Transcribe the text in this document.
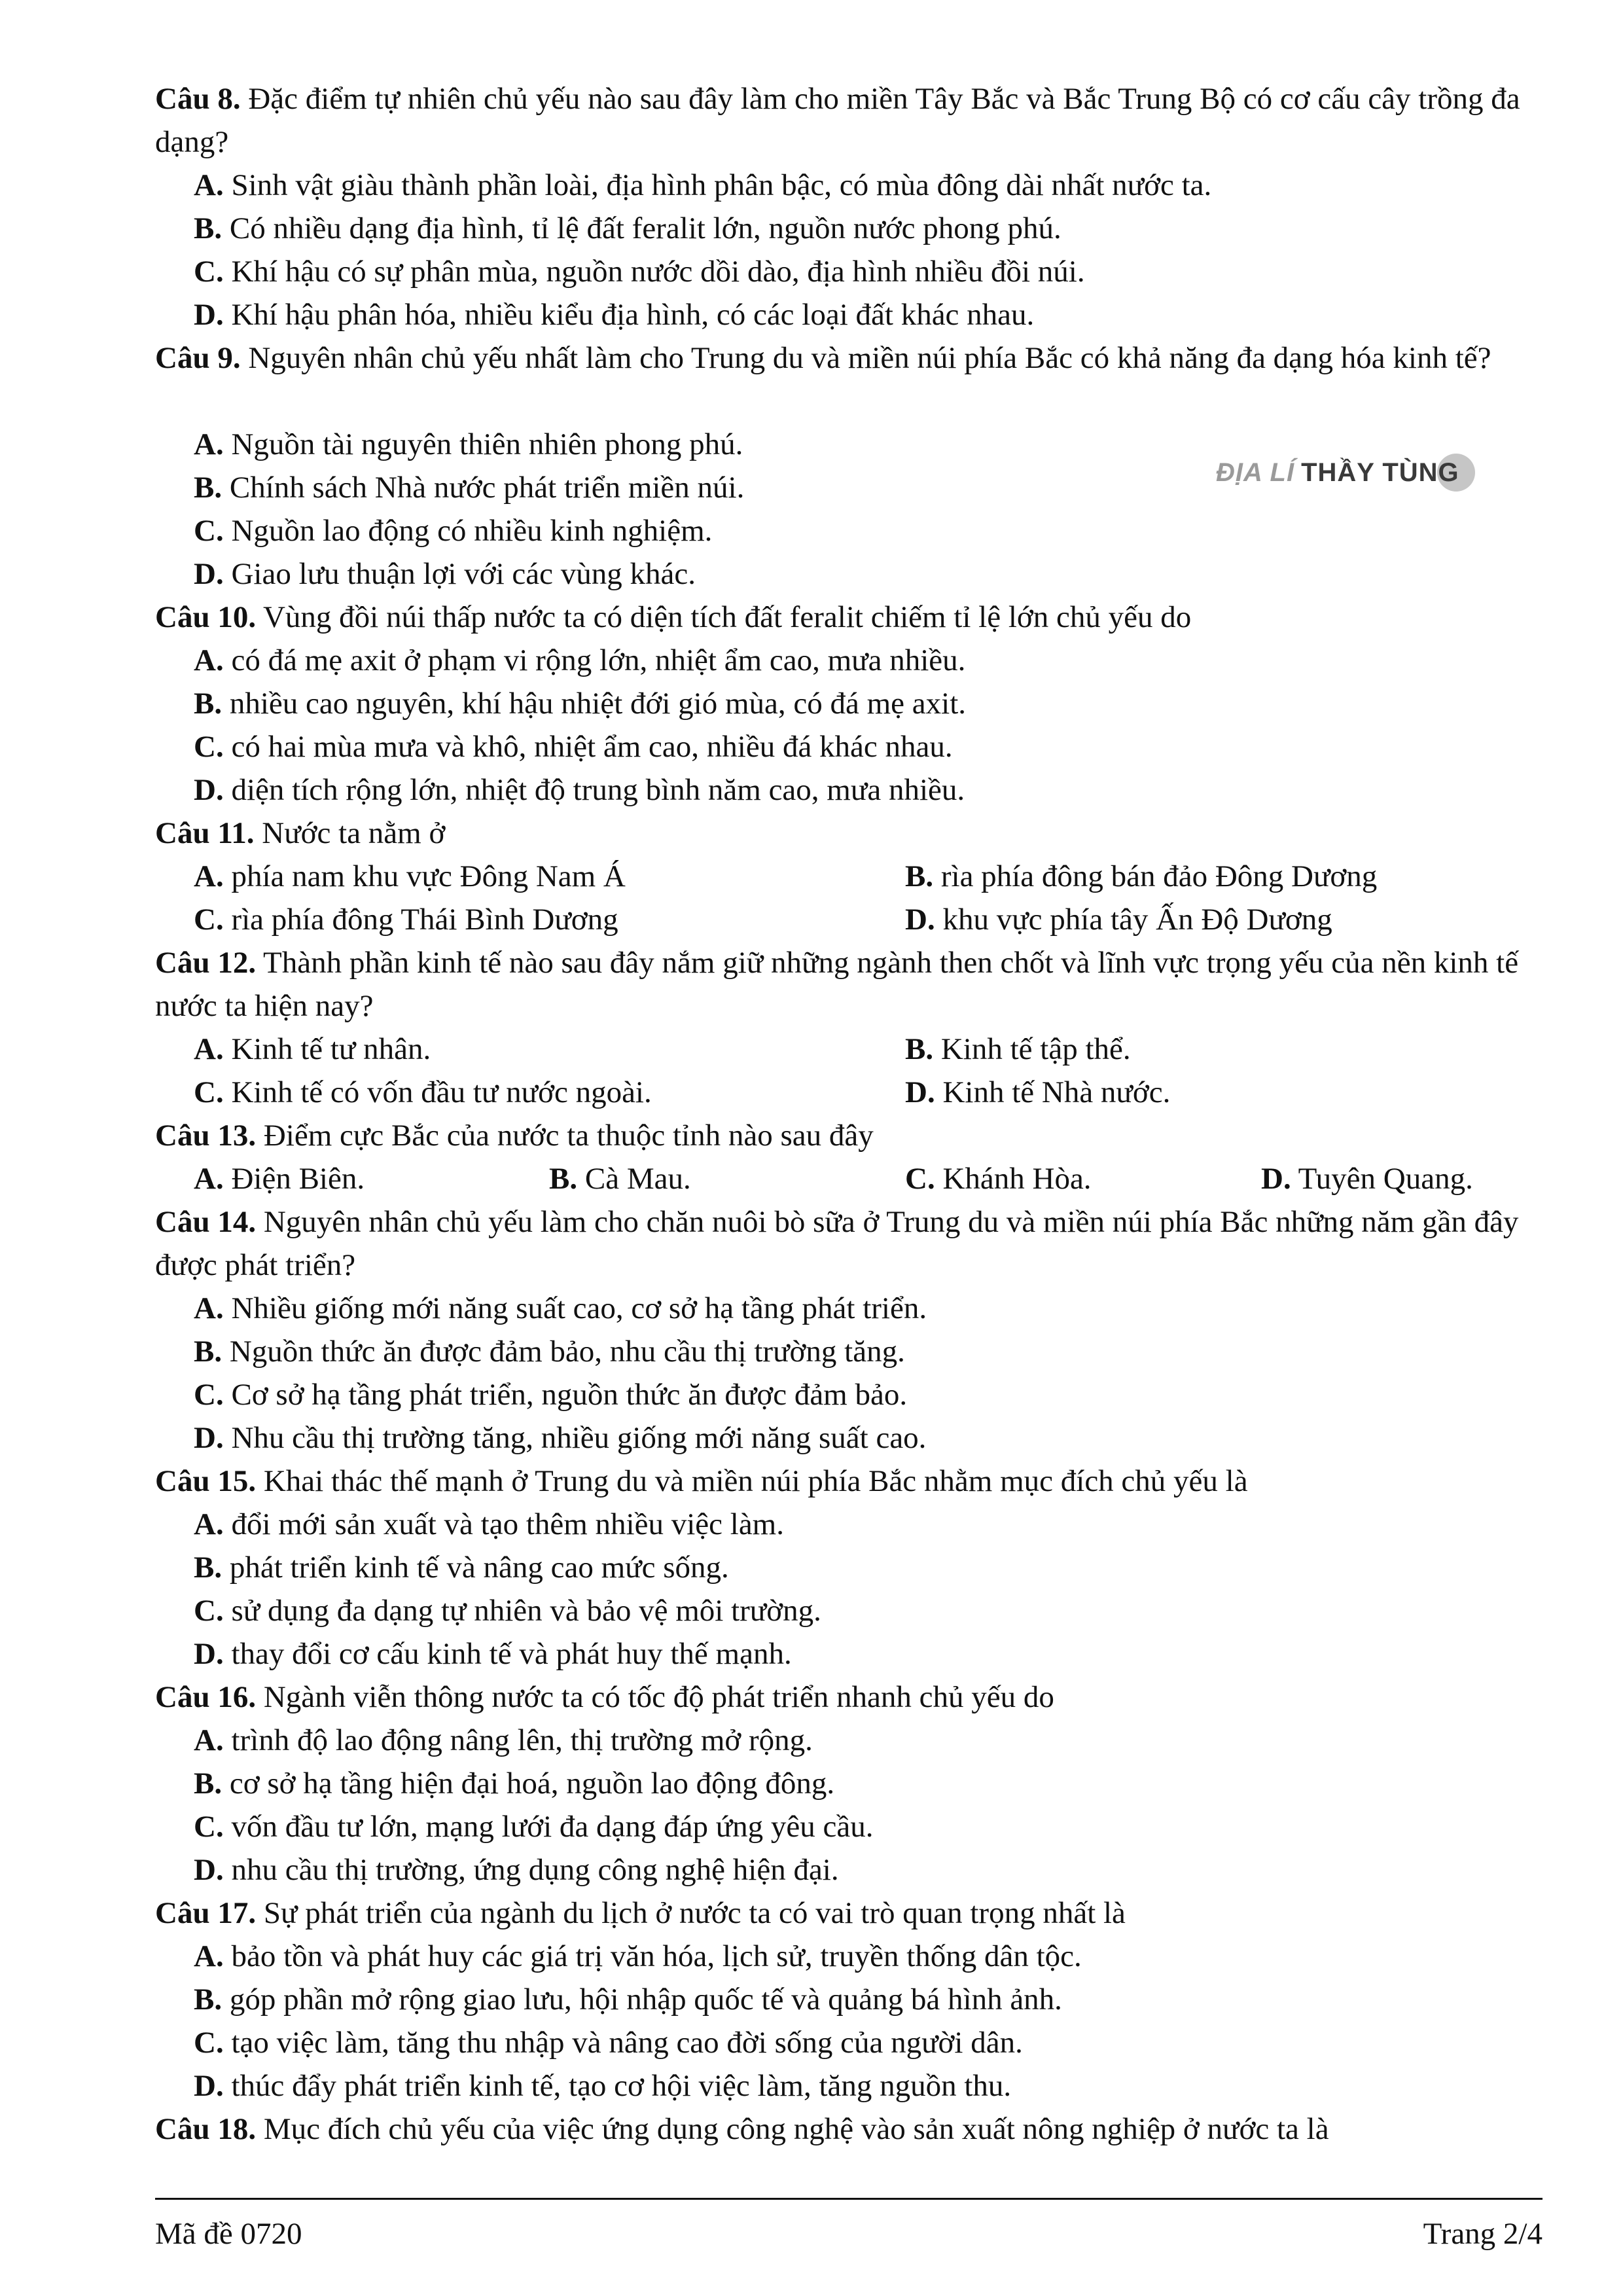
Câu 8. Đặc điểm tự nhiên chủ yếu nào sau đây làm cho miền Tây Bắc và Bắc Trung Bộ có cơ cấu cây trồng đa dạng?

A. Sinh vật giàu thành phần loài, địa hình phân bậc, có mùa đông dài nhất nước ta.
B. Có nhiều dạng địa hình, tỉ lệ đất feralit lớn, nguồn nước phong phú.
C. Khí hậu có sự phân mùa, nguồn nước dồi dào, địa hình nhiều đồi núi.
D. Khí hậu phân hóa, nhiều kiểu địa hình, có các loại đất khác nhau.

Câu 9. Nguyên nhân chủ yếu nhất làm cho Trung du và miền núi phía Bắc có khả năng đa dạng hóa kinh tế?

A. Nguồn tài nguyên thiên nhiên phong phú.
B. Chính sách Nhà nước phát triển miền núi.
C. Nguồn lao động có nhiều kinh nghiệm.
D. Giao lưu thuận lợi với các vùng khác.
ĐỊA LÍ THẦY TÙNG

Câu 10. Vùng đồi núi thấp nước ta có diện tích đất feralit chiếm tỉ lệ lớn chủ yếu do

A. có đá mẹ axit ở phạm vi rộng lớn, nhiệt ẩm cao, mưa nhiều.
B. nhiều cao nguyên, khí hậu nhiệt đới gió mùa, có đá mẹ axit.
C. có hai mùa mưa và khô, nhiệt ẩm cao, nhiều đá khác nhau.
D. diện tích rộng lớn, nhiệt độ trung bình năm cao, mưa nhiều.

Câu 11. Nước ta nằm ở

A. phía nam khu vực Đông Nam Á	B. rìa phía đông bán đảo Đông Dương
C. rìa phía đông Thái Bình Dương	D. khu vực phía tây Ấn Độ Dương

Câu 12. Thành phần kinh tế nào sau đây nắm giữ những ngành then chốt và lĩnh vực trọng yếu của nền kinh tế nước ta hiện nay?

A. Kinh tế tư nhân.	B. Kinh tế tập thể.
C. Kinh tế có vốn đầu tư nước ngoài.	D. Kinh tế Nhà nước.

Câu 13. Điểm cực Bắc của nước ta thuộc tỉnh nào sau đây

A. Điện Biên.	B. Cà Mau.	C. Khánh Hòa.	D. Tuyên Quang.

Câu 14. Nguyên nhân chủ yếu làm cho chăn nuôi bò sữa ở Trung du và miền núi phía Bắc những năm gần đây được phát triển?

A. Nhiều giống mới năng suất cao, cơ sở hạ tầng phát triển.
B. Nguồn thức ăn được đảm bảo, nhu cầu thị trường tăng.
C. Cơ sở hạ tầng phát triển, nguồn thức ăn được đảm bảo.
D. Nhu cầu thị trường tăng, nhiều giống mới năng suất cao.

Câu 15. Khai thác thế mạnh ở Trung du và miền núi phía Bắc nhằm mục đích chủ yếu là

A. đổi mới sản xuất và tạo thêm nhiều việc làm.
B. phát triển kinh tế và nâng cao mức sống.
C. sử dụng đa dạng tự nhiên và bảo vệ môi trường.
D. thay đổi cơ cấu kinh tế và phát huy thế mạnh.

Câu 16. Ngành viễn thông nước ta có tốc độ phát triển nhanh chủ yếu do

A. trình độ lao động nâng lên, thị trường mở rộng.
B. cơ sở hạ tầng hiện đại hoá, nguồn lao động đông.
C. vốn đầu tư lớn, mạng lưới đa dạng đáp ứng yêu cầu.
D. nhu cầu thị trường, ứng dụng công nghệ hiện đại.

Câu 17. Sự phát triển của ngành du lịch ở nước ta có vai trò quan trọng nhất là

A. bảo tồn và phát huy các giá trị văn hóa, lịch sử, truyền thống dân tộc.
B. góp phần mở rộng giao lưu, hội nhập quốc tế và quảng bá hình ảnh.
C. tạo việc làm, tăng thu nhập và nâng cao đời sống của người dân.
D. thúc đẩy phát triển kinh tế, tạo cơ hội việc làm, tăng nguồn thu.

Câu 18. Mục đích chủ yếu của việc ứng dụng công nghệ vào sản xuất nông nghiệp ở nước ta là

Mã đề 0720	Trang 2/4
